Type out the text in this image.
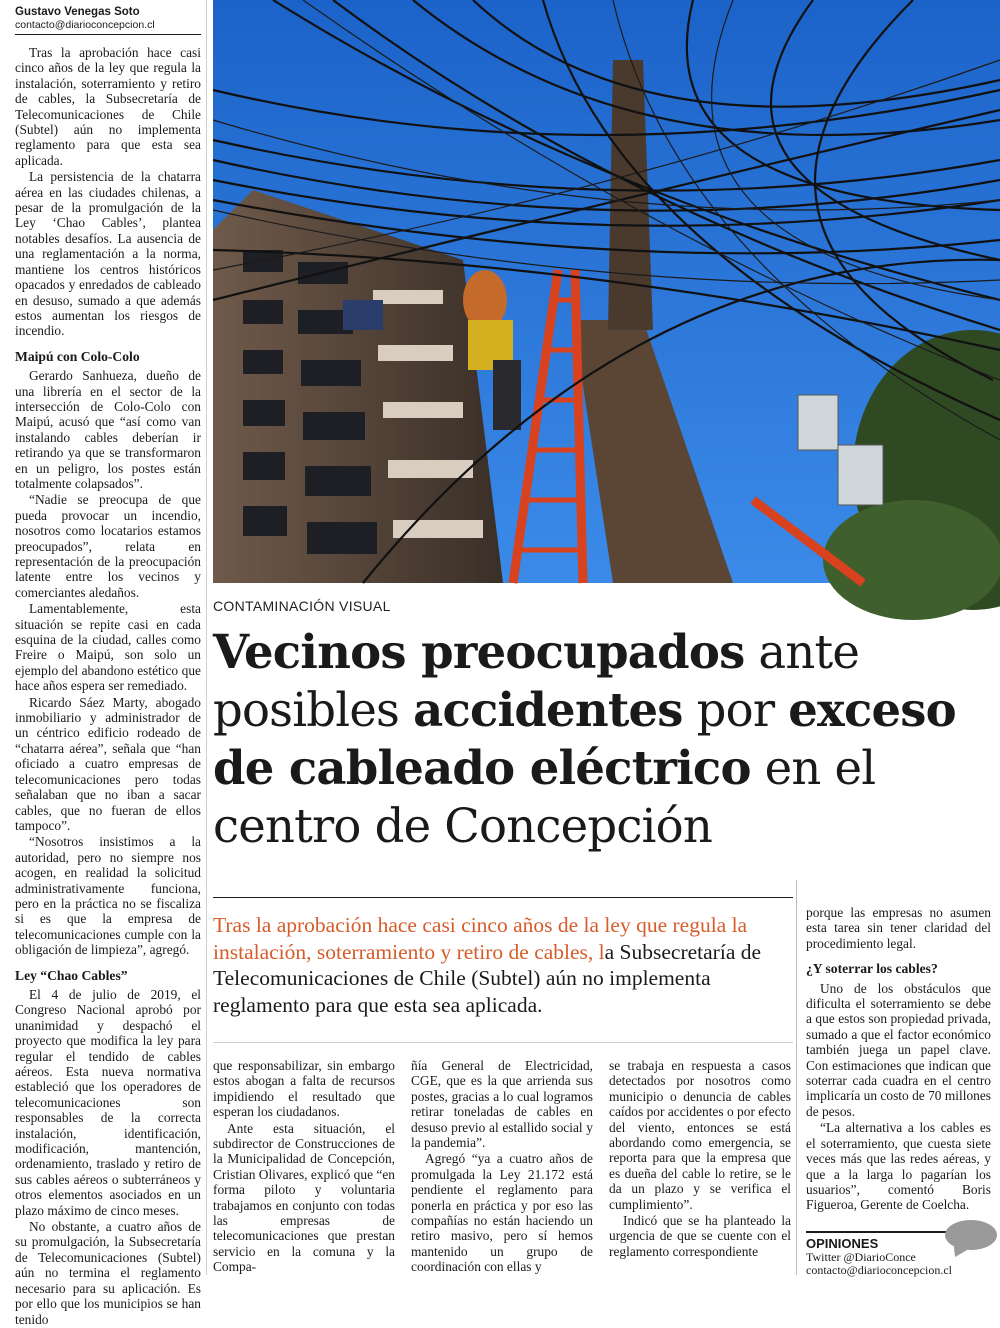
Gustavo Venegas Soto
contacto@diarioconcepcion.cl

Tras la aprobación hace casi cinco años de la ley que regula la instalación, soterramiento y retiro de cables, la Subsecretaría de Telecomunicaciones de Chile (Subtel) aún no implementa reglamento para que esta sea aplicada.

La persistencia de la chatarra aérea en las ciudades chilenas, a pesar de la promulgación de la Ley ‘Chao Cables’, plantea notables desafíos. La ausencia de una reglamentación a la norma, mantiene los centros históricos opacados y enredados de cableado en desuso, sumado a que además estos aumentan los riesgos de incendio.

Maipú con Colo-Colo

Gerardo Sanhueza, dueño de una librería en el sector de la intersección de Colo-Colo con Maipú, acusó que “así como van instalando cables deberían ir retirando ya que se transformaron en un peligro, los postes están totalmente colapsados”.

“Nadie se preocupa de que pueda provocar un incendio, nosotros como locatarios estamos preocupados”, relata en representación de la preocupación latente entre los vecinos y comerciantes aledaños.

Lamentablemente, esta situación se repite casi en cada esquina de la ciudad, calles como Freire o Maipú, son solo un ejemplo del abandono estético que hace años espera ser remediado.

Ricardo Sáez Marty, abogado inmobiliario y administrador de un céntrico edificio rodeado de “chatarra aérea”, señala que “han oficiado a cuatro empresas de telecomunicaciones pero todas señalaban que no iban a sacar cables, que no fueran de ellos tampoco”.

“Nosotros insistimos a la autoridad, pero no siempre nos acogen, en realidad la solicitud administrativamente funciona, pero en la práctica no se fiscaliza si es que la empresa de telecomunicaciones cumple con la obligación de limpieza”, agregó.

Ley “Chao Cables”

El 4 de julio de 2019, el Congreso Nacional aprobó por unanimidad y despachó el proyecto que modifica la ley para regular el tendido de cables aéreos. Esta nueva normativa estableció que los operadores de telecomunicaciones son responsables de la correcta instalación, identificación, modificación, mantención, ordenamiento, traslado y retiro de sus cables aéreos o subterráneos y otros elementos asociados en un plazo máximo de cinco meses.

No obstante, a cuatro años de su promulgación, la Subsecretaría de Telecomunicaciones (Subtel) aún no termina el reglamento necesario para su aplicación. Es por ello que los municipios se han tenido

CONTAMINACIÓN VISUAL
Vecinos preocupados ante posibles accidentes por exceso de cableado eléctrico en el centro de Concepción
Tras la aprobación hace casi cinco años de la ley que regula la instalación, soterramiento y retiro de cables, la Subsecretaría de Telecomunicaciones de Chile (Subtel) aún no implementa reglamento para que esta sea aplicada.

que responsabilizar, sin embargo estos abogan a falta de recursos impidiendo el resultado que esperan los ciudadanos.

Ante esta situación, el subdirector de Construcciones de la Municipalidad de Concepción, Cristian Olivares, explicó que “en forma piloto y voluntaria trabajamos en conjunto con todas las empresas de telecomunicaciones que prestan servicio en la comuna y la Compa-

ñía General de Electricidad, CGE, que es la que arrienda sus postes, gracias a lo cual logramos retirar toneladas de cables en desuso previo al estallido social y la pandemia”.

Agregó “ya a cuatro años de promulgada la Ley 21.172 está pendiente el reglamento para ponerla en práctica y por eso las compañías no están haciendo un retiro masivo, pero sí hemos mantenido un grupo de coordinación con ellas y

se trabaja en respuesta a casos detectados por nosotros como municipio o denuncia de cables caídos por accidentes o por efecto del viento, entonces se está abordando como emergencia, se reporta para que la empresa que es dueña del cable lo retire, se le da un plazo y se verifica el cumplimiento”.

Indicó que se ha planteado la urgencia de que se cuente con el reglamento correspondiente

porque las empresas no asumen esta tarea sin tener claridad del procedimiento legal.

¿Y soterrar los cables?

Uno de los obstáculos que dificulta el soterramiento se debe a que estos son propiedad privada, sumado a que el factor económico también juega un papel clave. Con estimaciones que indican que soterrar cada cuadra en el centro implicaría un costo de 70 millones de pesos.

“La alternativa a los cables es el soterramiento, que cuesta siete veces más que las redes aéreas, y que a la larga lo pagarían los usuarios”, comentó Boris Figueroa, Gerente de Coelcha.

OPINIONES
Twitter @DiarioConce
contacto@diarioconcepcion.cl
